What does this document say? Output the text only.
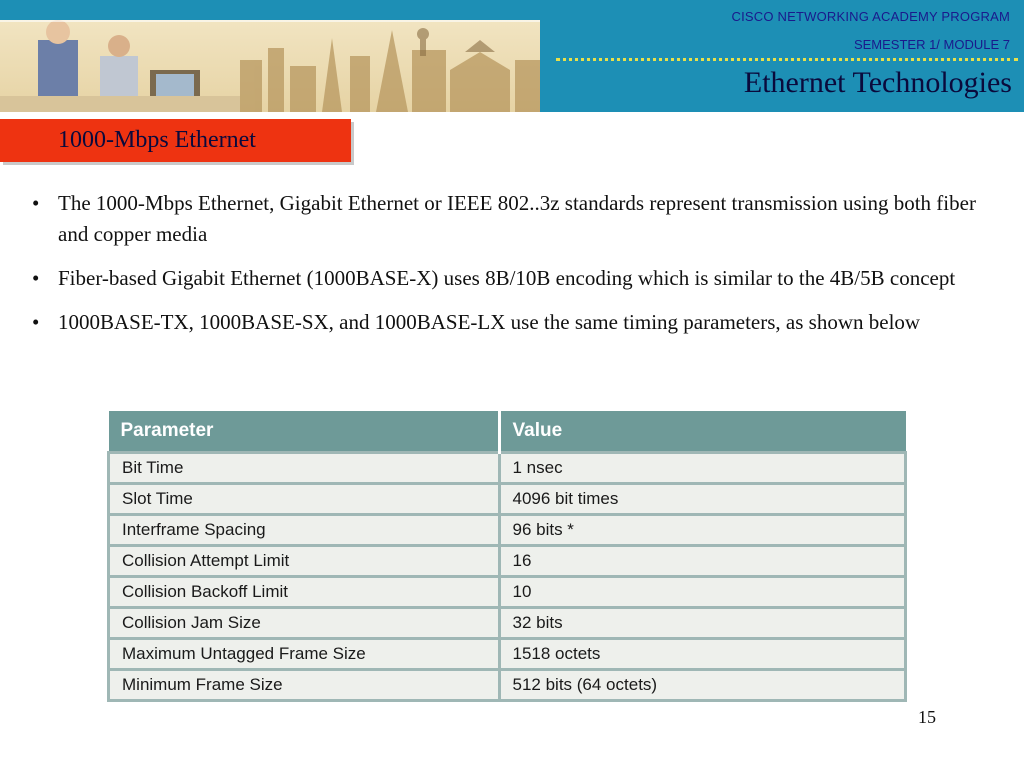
CISCO NETWORKING ACADEMY PROGRAM
SEMESTER 1/ MODULE 7
Ethernet Technologies
1000-Mbps Ethernet
• The 1000-Mbps Ethernet, Gigabit Ethernet or IEEE 802..3z standards represent transmission using both fiber and copper media
• Fiber-based Gigabit Ethernet (1000BASE-X) uses 8B/10B encoding which is similar to the 4B/5B concept
• 1000BASE-TX, 1000BASE-SX, and 1000BASE-LX use the same timing parameters, as shown below
Parameter	Value
Bit Time	1 nsec
Slot Time	4096 bit times
Interframe Spacing	96 bits *
Collision Attempt Limit	16
Collision Backoff Limit	10
Collision Jam Size	32 bits
Maximum Untagged Frame Size	1518 octets
Minimum Frame Size	512 bits (64 octets)
15
